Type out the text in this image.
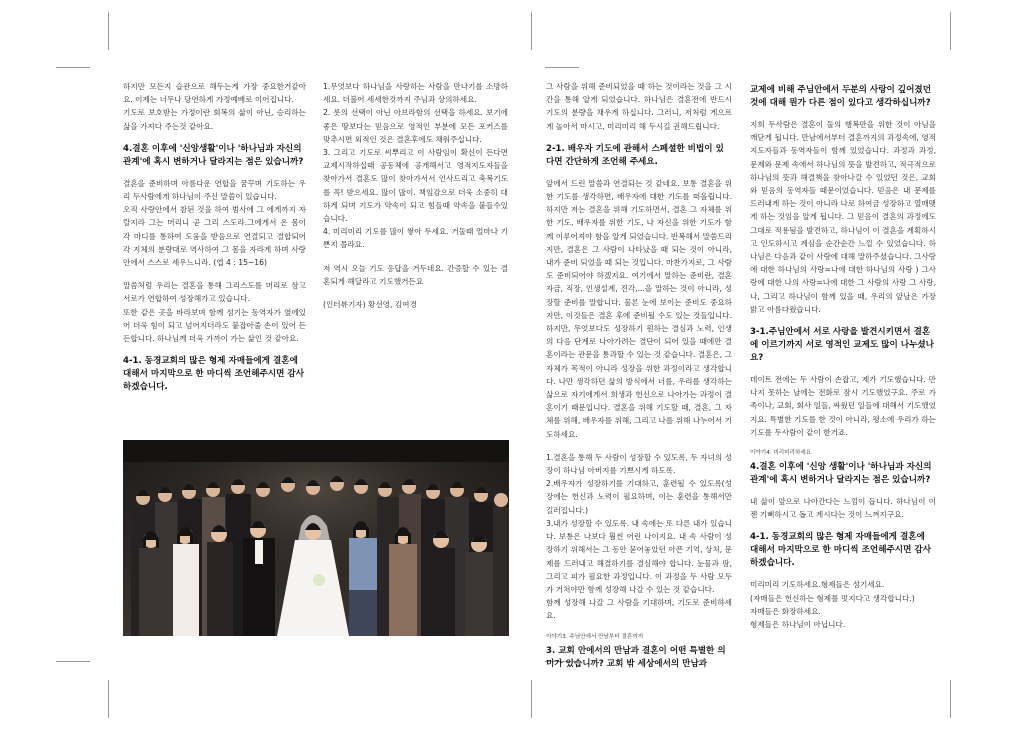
하지만 모든지 습관으로 해두는게 가장 중요한거같아요. 이제는 너무나 당연하게 가정예배로 이어집니다.
기도로 보호받는 가정이란 회복의 삶이 아닌, 승리하는 삶을 가져다 주는것 같아요.

4.결혼 이후에 '신앙생활'이나 '하나님과 자신의 관계'에 혹시 변하거나 달라지는 점은 있습니까?

결혼을 준비하며 아름다운 연합을 꿈꾸며 기도하는 우리 두사람에게 하나님이 주신 말씀이 있습니다.
오직 사랑안에서 참된 것을 하여 범사에 그 에게까지 자랄지라 그는 머리니 곧 그리 스도라.그에게서 온 몸이 각 마디를 통하여 도움을 받음으로 연결되고 결합되어 각 지체의 분량대로 역사하여 그 몸을 자라게 하며 사랑안에서 스스로 세우느니라. (엡 4 : 15~16)

말씀처럼 우리는 결혼을 통해 그리스도를 머리로 삼고 서로가 연합하여 성장해가고 있습니다.
또한 같은 곳을 바라보며 함께 섬기는 동역자가 옆에있어 더욱 힘이 되고 넘어지더라도 붙잡아줄 손이 있어 든든합니다. 하나님께 더욱 가까이 가는 삶인 것 같아요.

4-1. 동경교회의 많은 형제 자매들에게 결혼에 대해서 마지막으로 한 마디씩 조언해주시면 감사하겠습니다.

1.무엇보다 하나님을 사랑하는 사람을 만나기를 소망하세요. 더불어 세세한것까지 주님과 상의하세요.
2. 롯의 선택이 아닌 아브라함의 선택을 하세요. 보기에 좋은 땅보다는 믿음으로 영적인 부분에 모든 포커스를 맞추시면 외적인 것은 결혼후에도 채워주십니다.
3. 그리고 기도로 씨뿌리고 이 사람임이 확신이 든다면 교제시작하십때 공동체에 공개해서고 영적지도자들을 찾아가서 결혼도 많이 찾아가서서 인사드리고 축복기도를 꼭! 받으세요. 많이 많이. 책임감으로 더욱 소중히 대하게 되며 기도가 약속이 되고 힘들때 약속을 붙들수있습니다.
4. 미리미리 기도를 많이 쌓아 두세요. 거둘때 얼마나 기쁜지 몰라요.

저 역시 오늘 기도 응답을 거두네요. 간증할 수 있는 결혼되게 해달라고 기도했거든요

(인터뷰기자) 황선영, 김여경

그 사람을 위해 준비되었을 때 하는 것이라는 것을 그 시간을 통해 알게 되었습니다. 하나님은 결혼전에 반드시 기도의 분량을 채우게 하십니다. 그러니, 저처럼 게으르게 놀아서 마시고, 미리미리 해 두시길 권해드립니다.

2-1. 배우자 기도에 관해서 스페셜한 비법이 있다면 간단하게 조언해 주세요.

앞에서 드린 말씀과 연결되는 것 같네요. 보통 결혼을 위한 기도를 생각하면, 배우자에 대한 기도를 떠올립니다. 하지만 저는 결혼을 위해 기도하면서, 결혼 그 자체를 위한 기도, 배우자를 위한 기도, 나 자신을 위한 기도가 함께 이루어져야 함을 알게 되었습니다. 반복해서 말씀드리지만, 결혼은 그 사람이 나타났을 때 되는 것이 아니라, 내가 준비 되었을 때 되는 것입니다. 마찬가지로, 그 사람도 준비되어야 하겠지요. 여기에서 말하는 준비란, 결혼자금, 직장, 인생설계, 진각,...을 말하는 것이 아니라, 성장할 준비를 말합니다. 물론 눈에 보이는 준비도 중요하지만, 이것들은 결혼 후에 준비될 수도 있는 것들입니다. 하지만, 무엇보다도 성장하기 원하는 결심과 노력, 인생의 다음 단계로 나아가려는 결단이 되어 있을 때에만 결혼이라는 관문을 통과할 수 있는 것 같습니다. 결혼은, 그 자체가 목적이 아니라 성장을 위한 과정이라고 생각합니다. 나만 생각하던 삶의 방식에서 너를, 우리를 생각하는 삶으로 자기에게서 희생과 헌신으로 나아가는 과정이 결혼이기 때문입니다. 결혼을 위해 기도할 때, 결혼, 그 자체를 위해, 배우자를 위해, 그리고 나를 위해 나누어서 기도하세요.

1.결혼을 통해 두 사람이 성장할 수 있도록, 두 자녀의 성장이 하나님 아버지를 기쁘시게 하도록.
2.배우자가 성장하기를 기대하고, 훈련될 수 있도록(성장에는 헌신과 노력이 필요하며, 이는 훈련을 통해서만 길러집니다.)
3.내가 성장할 수 있도록. 내 속에는 또 다른 내가 있습니다. 보통은 나보다 훨씬 어린 나이지요. 내 속 사람이 성장하기 위해서는 그 동안 묻어놓았던 아픈 기억, 상처, 문제를 드러내고 해결하기를 결심해야 합니다. 눈물과 땀, 그리고 피가 필요한 과정입니다. 이 과정을 두 사람 모두가 거쳐야만 함께 성장해 나갈 수 있는 것 같습니다.
함께 성장해 나갈 그 사람을 기대하며, 기도로 준비하세요.

이야기3. 주님안에서 만남부터 결혼까지

3. 교회 안에서의 만남과 결혼이 어떤 특별한 의미가 있습니까? 교회 밖 세상에서의 만남과
교제에 비해 주님안에서 두분의 사랑이 깊어졌던 것에 대해 뭔가 다른 점이 있다고 생각하십니까?

지희 두사람은 결혼이 둘의 행복만을 위한 것이 아님을 깨닫게 됩니다. 만남에서부터 결혼까지의 과정속에, 영적지도자들과 동역자들이 함께 있었습니다. 과정과 과정, 문제와 문제 속에서 하나님의 뜻을 발견하고, 적극적으로 하나님의 뜻과 해결책을 찾아나갈 수 있었던 것은, 교회와 믿음의 동역자들 때문이었습니다. 믿음은 내 문제를 드러내게 하는 것이 아니라 나로 하여금 성장하고 열매맺게 하는 것임을 알게 됩니다. 그 믿음이 결혼의 과정에도 그대로 적용됨을 발견하고, 하나님이 이 결혼을 계획하시고 인도하시고 계심을 순간순간 느낄 수 있었습니다. 하나님은 다음과 같이 사랑에 대해 말하주셨습니다. 그사랑에 대한 하나님의 사랑=나에 대한 하나님의 사랑 ) 그사랑에 대한 나의 사랑=나에 대한 그 사람의 사랑 그 사랑, 나, 그리고 하나님이 함께 있을 때, 우리의 앞날은 가장 밝고 아름다웠습니다.

3-1.주님안에서 서로 사랑을 발견시키면서 결혼에 이르기까지 서로 영적인 교제도 많이 나누셨나요?

데이트 전에는 두 사람이 손잡고, 제가 기도했습니다. 만나지 못하는 날에는 전화로 잠시 기도했었구요. 주로 가족이나, 교회, 회사 일들, 싸웠던 일들에 대해서 기도했었지요. 특별한 기도를 한 것이 아니라, 평소에 우리가 하는 기도를 두사람이 같이 한거죠.

이야기4. 미리미리하세요

4.결혼 이후에 '신앙 생활'이나 '하나님과 자신의 관계'에 혹시 변하거나 달라지는 점은 있습니까?

내 삶이 앞으로 나아간다는 느낌이 듭니다. 하나님이 이젠 기뻐하시고 돕고 계시다는 것이 느껴지구요.

4-1. 동경교회의 많은 형제 자매들에게 결혼에 대해서 마지막으로 한 마디씩 조언해주시면 감사하겠습니다.

미리미리 기도하세요.형제들은 섬기세요.
(자매들은 헌신하는 형제를 멋지다고 생각합니다.)
자매들은 화장하세요.
형제들은 하나님이 아닙니다.
